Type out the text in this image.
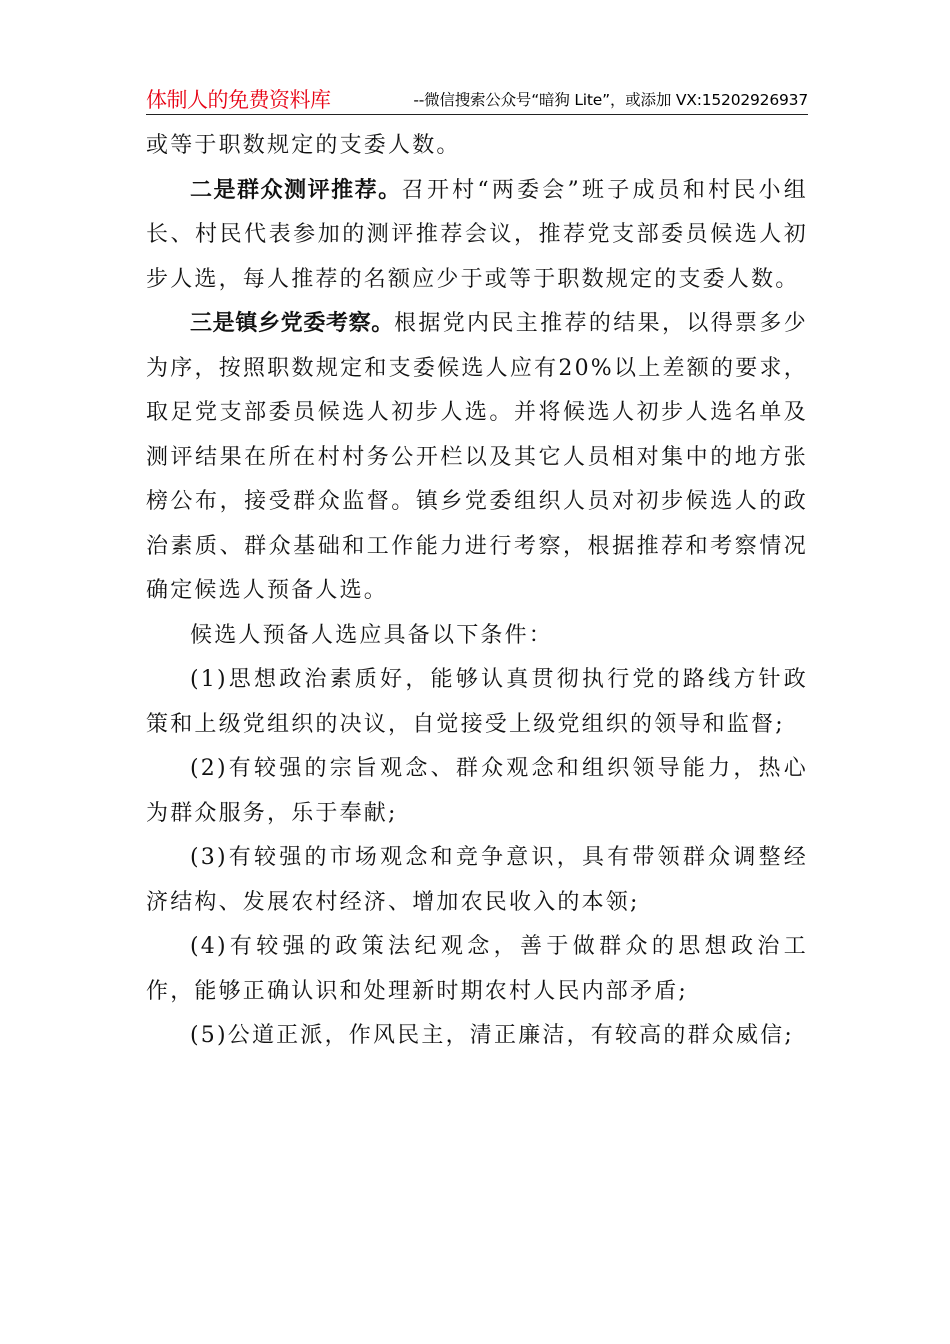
体制人的免费资料库	--微信搜索公众号“暗狗 Lite”，或添加 VX:15202926937

或等于职数规定的支委人数。

二是群众测评推荐。召开村“两委会”班子成员和村民小组长、村民代表参加的测评推荐会议，推荐党支部委员候选人初步人选，每人推荐的名额应少于或等于职数规定的支委人数。

三是镇乡党委考察。根据党内民主推荐的结果，以得票多少为序，按照职数规定和支委候选人应有20%以上差额的要求，取足党支部委员候选人初步人选。并将候选人初步人选名单及测评结果在所在村村务公开栏以及其它人员相对集中的地方张榜公布，接受群众监督。镇乡党委组织人员对初步候选人的政治素质、群众基础和工作能力进行考察，根据推荐和考察情况确定候选人预备人选。

候选人预备人选应具备以下条件：

(1)思想政治素质好，能够认真贯彻执行党的路线方针政策和上级党组织的决议，自觉接受上级党组织的领导和监督;

(2)有较强的宗旨观念、群众观念和组织领导能力，热心为群众服务，乐于奉献;

(3)有较强的市场观念和竞争意识，具有带领群众调整经济结构、发展农村经济、增加农民收入的本领;

(4)有较强的政策法纪观念，善于做群众的思想政治工作，能够正确认识和处理新时期农村人民内部矛盾;

(5)公道正派，作风民主，清正廉洁，有较高的群众威信;
